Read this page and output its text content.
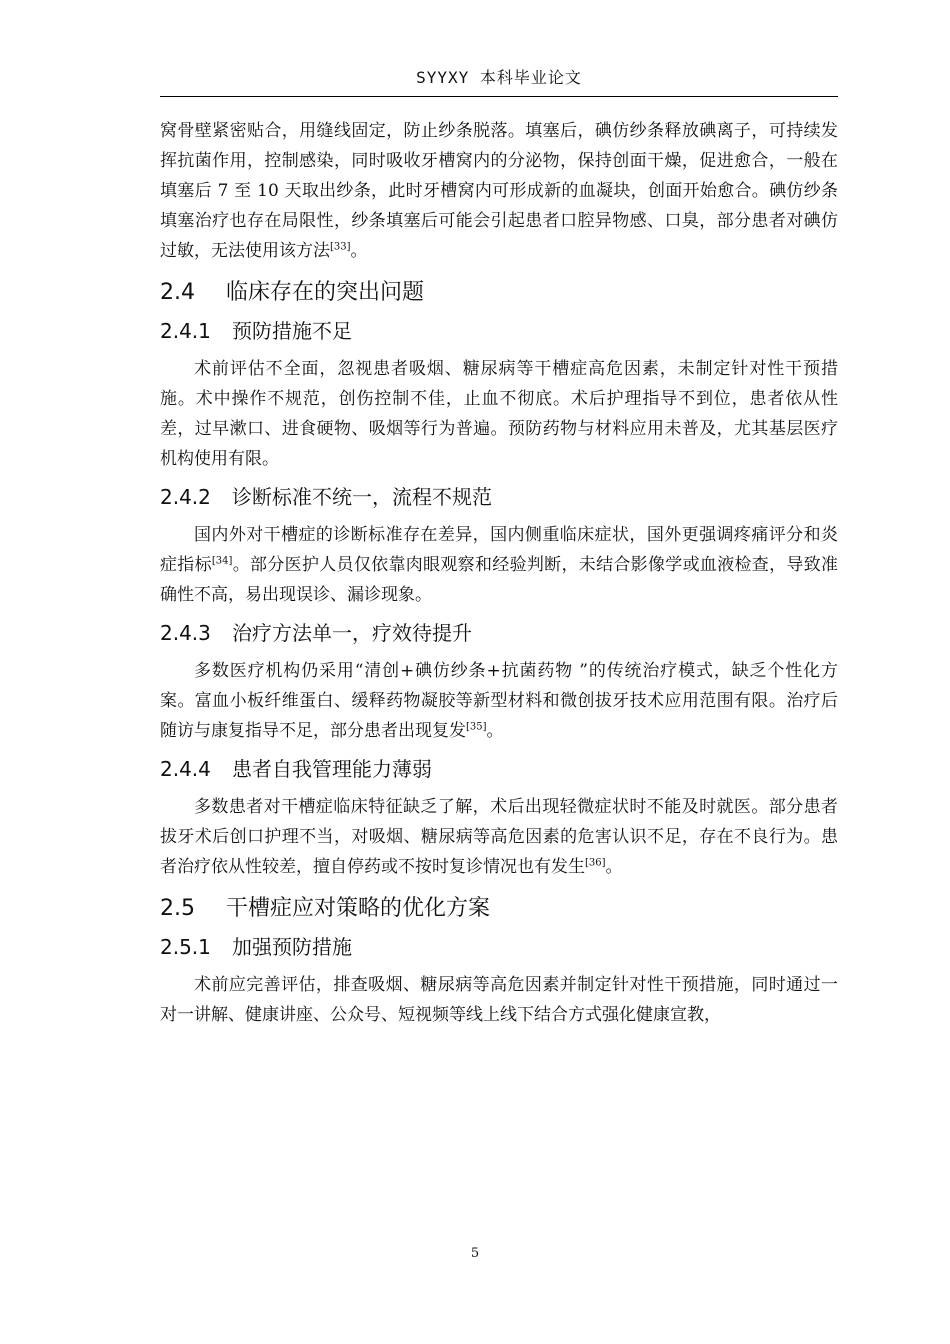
SYYXY 本科毕业论文

窝骨壁紧密贴合，用缝线固定，防止纱条脱落。填塞后，碘仿纱条释放碘离子，可持续发挥抗菌作用，控制感染，同时吸收牙槽窝内的分泌物，保持创面干燥，促进愈合，一般在填塞后 7 至 10 天取出纱条，此时牙槽窝内可形成新的血凝块，创面开始愈合。碘仿纱条填塞治疗也存在局限性，纱条填塞后可能会引起患者口腔异物感、口臭，部分患者对碘仿过敏，无法使用该方法[33]。

2.4 临床存在的突出问题
2.4.1 预防措施不足

术前评估不全面，忽视患者吸烟、糖尿病等干槽症高危因素，未制定针对性干预措施。术中操作不规范，创伤控制不佳，止血不彻底。术后护理指导不到位，患者依从性差，过早漱口、进食硬物、吸烟等行为普遍。预防药物与材料应用未普及，尤其基层医疗机构使用有限。

2.4.2 诊断标准不统一，流程不规范

国内外对干槽症的诊断标准存在差异，国内侧重临床症状，国外更强调疼痛评分和炎症指标[34]。部分医护人员仅依靠肉眼观察和经验判断，未结合影像学或血液检查，导致准确性不高，易出现误诊、漏诊现象。

2.4.3 治疗方法单一，疗效待提升

多数医疗机构仍采用“清创+碘仿纱条+抗菌药物 ”的传统治疗模式，缺乏个性化方案。富血小板纤维蛋白、缓释药物凝胶等新型材料和微创拔牙技术应用范围有限。治疗后随访与康复指导不足，部分患者出现复发[35]。

2.4.4 患者自我管理能力薄弱

多数患者对干槽症临床特征缺乏了解，术后出现轻微症状时不能及时就医。部分患者拔牙术后创口护理不当，对吸烟、糖尿病等高危因素的危害认识不足，存在不良行为。患者治疗依从性较差，擅自停药或不按时复诊情况也有发生[36]。

2.5 干槽症应对策略的优化方案
2.5.1 加强预防措施

术前应完善评估，排查吸烟、糖尿病等高危因素并制定针对性干预措施，同时通过一对一讲解、健康讲座、公众号、短视频等线上线下结合方式强化健康宣教，

5
